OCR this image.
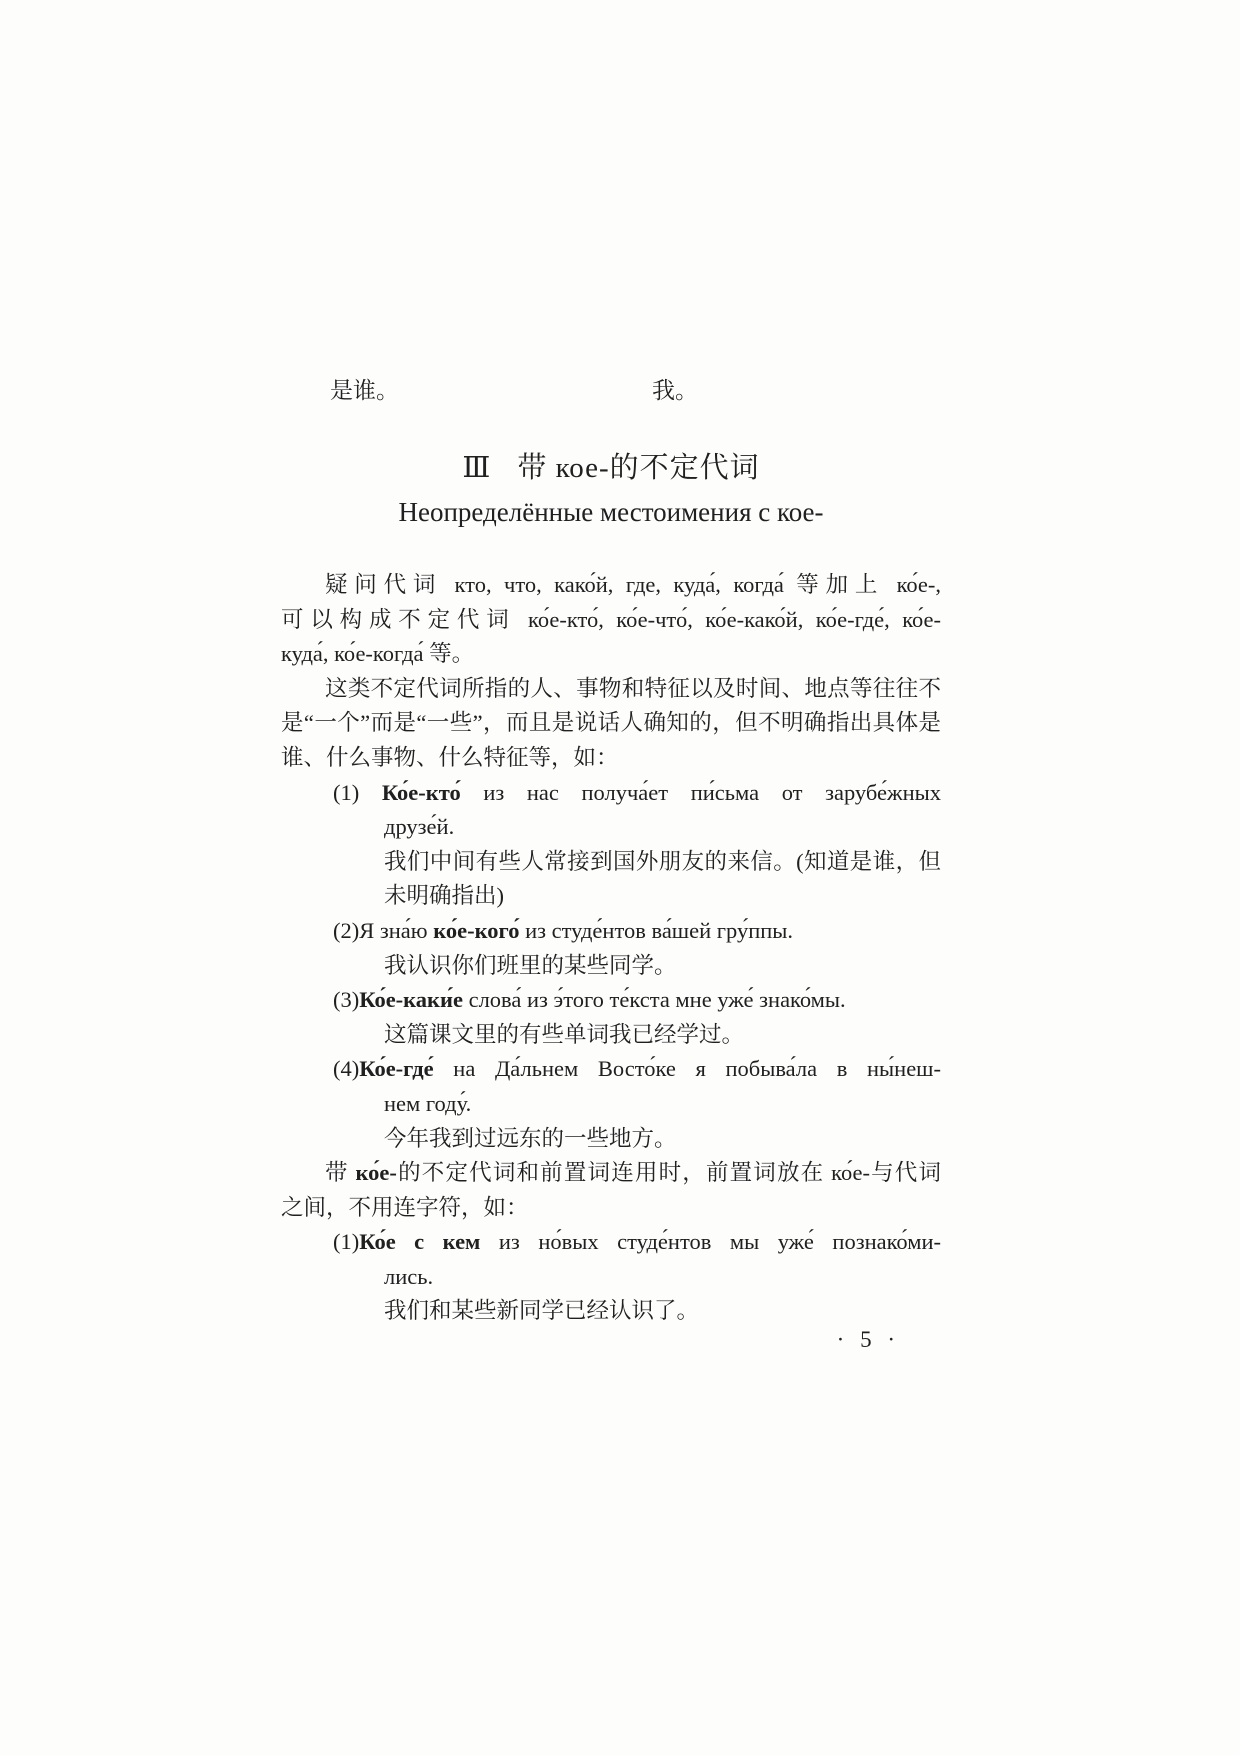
是谁。	我。
Ⅲ 带 кое-的不定代词
Неопределённые местоимения с кое-
疑问代词 кто, что, како́й, где, куда́, когда́ 等加上 ко́е-,
可以构成不定代词 ко́е-кто́, ко́е-что́, ко́е-како́й, ко́е-где́, ко́е-
куда́, ко́е-когда́ 等。
这类不定代词所指的人、事物和特征以及时间、地点等往往不
是“一个”而是“一些”，而且是说话人确知的，但不明确指出具体是
谁、什么事物、什么特征等，如：
(1) Ко́е-кто́ из нас получа́ет пи́сьма от зарубе́жных
друзе́й.
我们中间有些人常接到国外朋友的来信。(知道是谁，但
未明确指出)
(2)Я зна́ю ко́е-кого́ из студе́нтов ва́шей гру́ппы.
我认识你们班里的某些同学。
(3)Ко́е-каки́е слова́ из э́того те́кста мне уже́ знако́мы.
这篇课文里的有些单词我已经学过。
(4)Ко́е-где́ на Да́льнем Восто́ке я побыва́ла в ны́неш-
нем году́.
今年我到过远东的一些地方。
带 ко́е-的不定代词和前置词连用时，前置词放在 ко́е-与代词
之间，不用连字符，如：
(1)Ко́е с кем из но́вых студе́нтов мы уже́ познако́ми-
лись.
我们和某些新同学已经认识了。
· 5 ·
